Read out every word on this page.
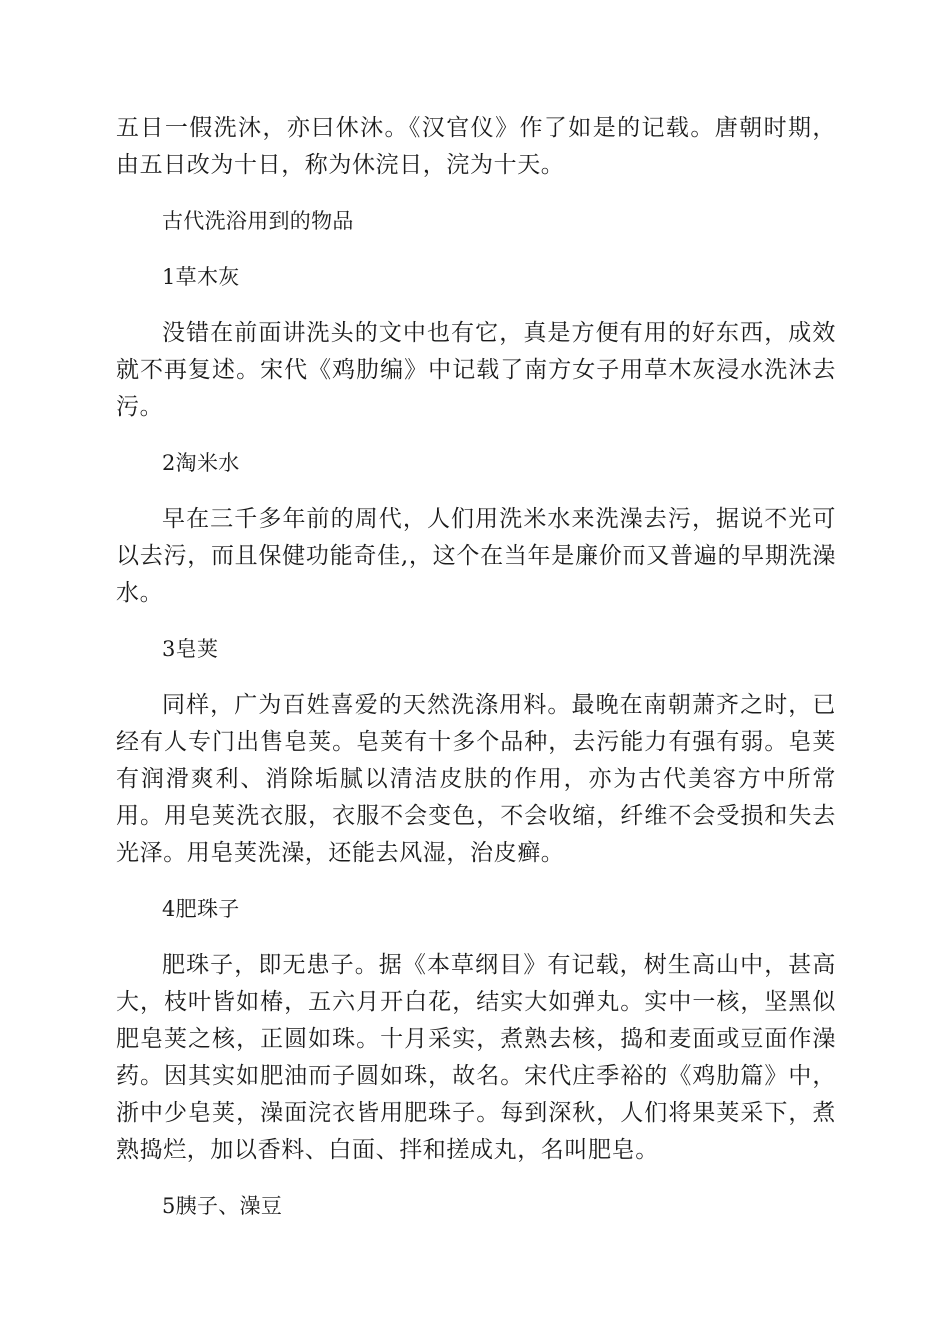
五日一假洗沐，亦曰休沐。《汉官仪》作了如是的记载。唐朝时期，由五日改为十日，称为休浣日，浣为十天。

古代洗浴用到的物品

1草木灰

没错在前面讲洗头的文中也有它，真是方便有用的好东西，成效就不再复述。宋代《鸡肋编》中记载了南方女子用草木灰浸水洗沐去污。

2淘米水

早在三千多年前的周代，人们用洗米水来洗澡去污，据说不光可以去污，而且保健功能奇佳,，这个在当年是廉价而又普遍的早期洗澡水。

3皂荚

同样，广为百姓喜爱的天然洗涤用料。最晚在南朝萧齐之时，已经有人专门出售皂荚。皂荚有十多个品种，去污能力有强有弱。皂荚有润滑爽利、消除垢腻以清洁皮肤的作用，亦为古代美容方中所常用。用皂荚洗衣服，衣服不会变色，不会收缩，纤维不会受损和失去光泽。用皂荚洗澡，还能去风湿，治皮癣。

4肥珠子

肥珠子，即无患子。据《本草纲目》有记载，树生高山中，甚高大，枝叶皆如椿，五六月开白花，结实大如弹丸。实中一核，坚黑似肥皂荚之核，正圆如珠。十月采实，煮熟去核，捣和麦面或豆面作澡药。因其实如肥油而子圆如珠，故名。宋代庄季裕的《鸡肋篇》中，浙中少皂荚，澡面浣衣皆用肥珠子。每到深秋，人们将果荚采下，煮熟捣烂，加以香料、白面、拌和搓成丸，名叫肥皂。

5胰子、澡豆
